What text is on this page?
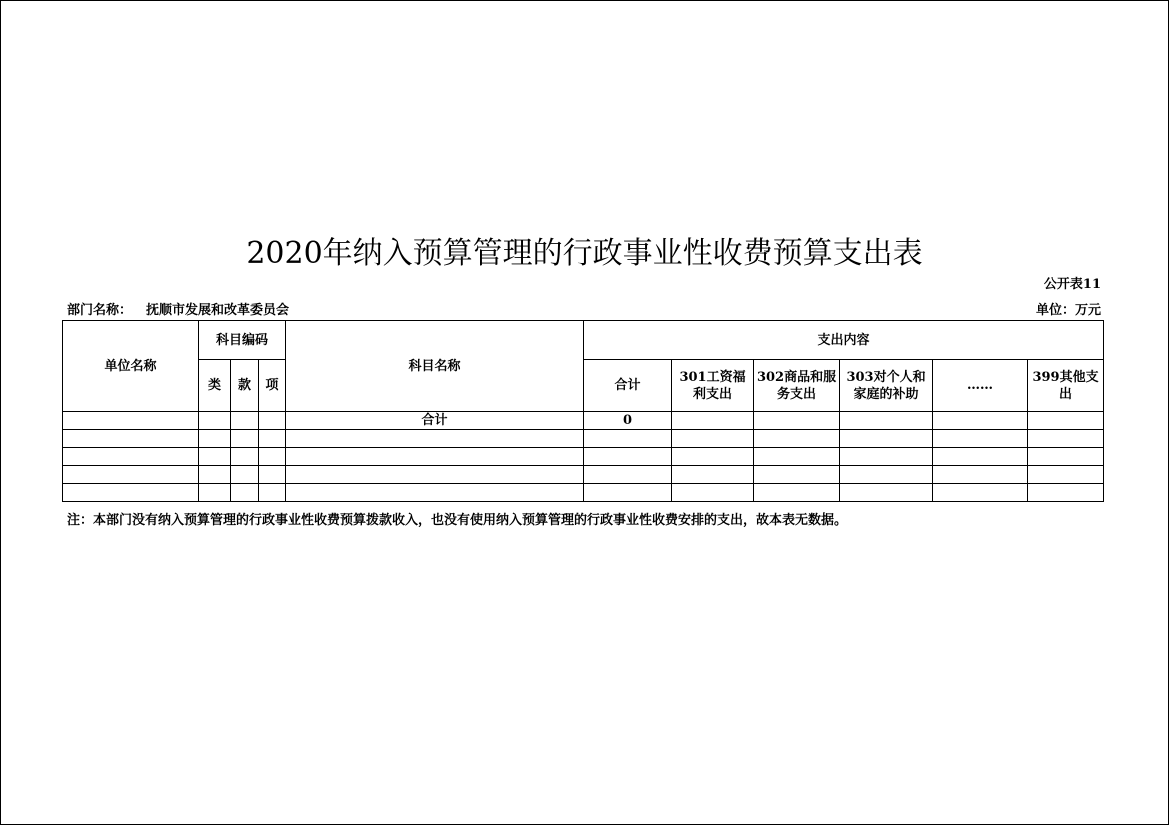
2020年纳入预算管理的行政事业性收费预算支出表
公开表11
部门名称： 抚顺市发展和改革委员会	单位：万元
单位名称	科目编码			科目名称	支出内容					
	类	款	项		合计	301工资福利支出	302商品和服务支出	303对个人和家庭的补助	……	399其他支出
				合计	0					

注：本部门没有纳入预算管理的行政事业性收费预算拨款收入，也没有使用纳入预算管理的行政事业性收费安排的支出，故本表无数据。
